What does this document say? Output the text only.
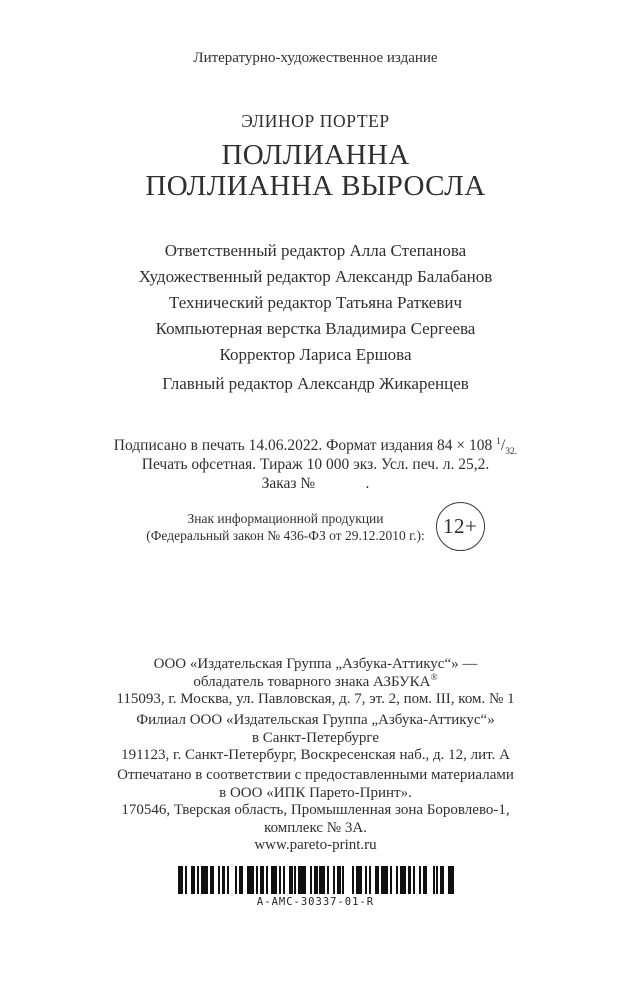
Литературно-художественное издание
ЭЛИНОР ПОРТЕР
ПОЛЛИАННА
ПОЛЛИАННА ВЫРОСЛА
Ответственный редактор Алла Степанова
Художественный редактор Александр Балабанов
Технический редактор Татьяна Раткевич
Компьютерная верстка Владимира Сергеева
Корректор Лариса Ершова
Главный редактор Александр Жикаренцев
Подписано в печать 14.06.2022. Формат издания 84 × 108 $^1/_{32.}$
Печать офсетная. Тираж 10 000 экз. Усл. печ. л. 25,2.
Заказ №             .
Знак информационной продукции
(Федеральный закон № 436-ФЗ от 29.12.2010 г.): 12+
ООО «Издательская Группа „Азбука-Аттикус“» —
обладатель товарного знака АЗБУКА®
115093, г. Москва, ул. Павловская, д. 7, эт. 2, пом. III, ком. № 1
Филиал ООО «Издательская Группа „Азбука-Аттикус“»
в Санкт-Петербурге
191123, г. Санкт-Петербург, Воскресенская наб., д. 12, лит. А
Отпечатано в соответствии с предоставленными материалами
в ООО «ИПК Парето-Принт».
170546, Тверская область, Промышленная зона Боровлево-1,
комплекс № 3А.
www.pareto-print.ru
A-AMC-30337-01-R
